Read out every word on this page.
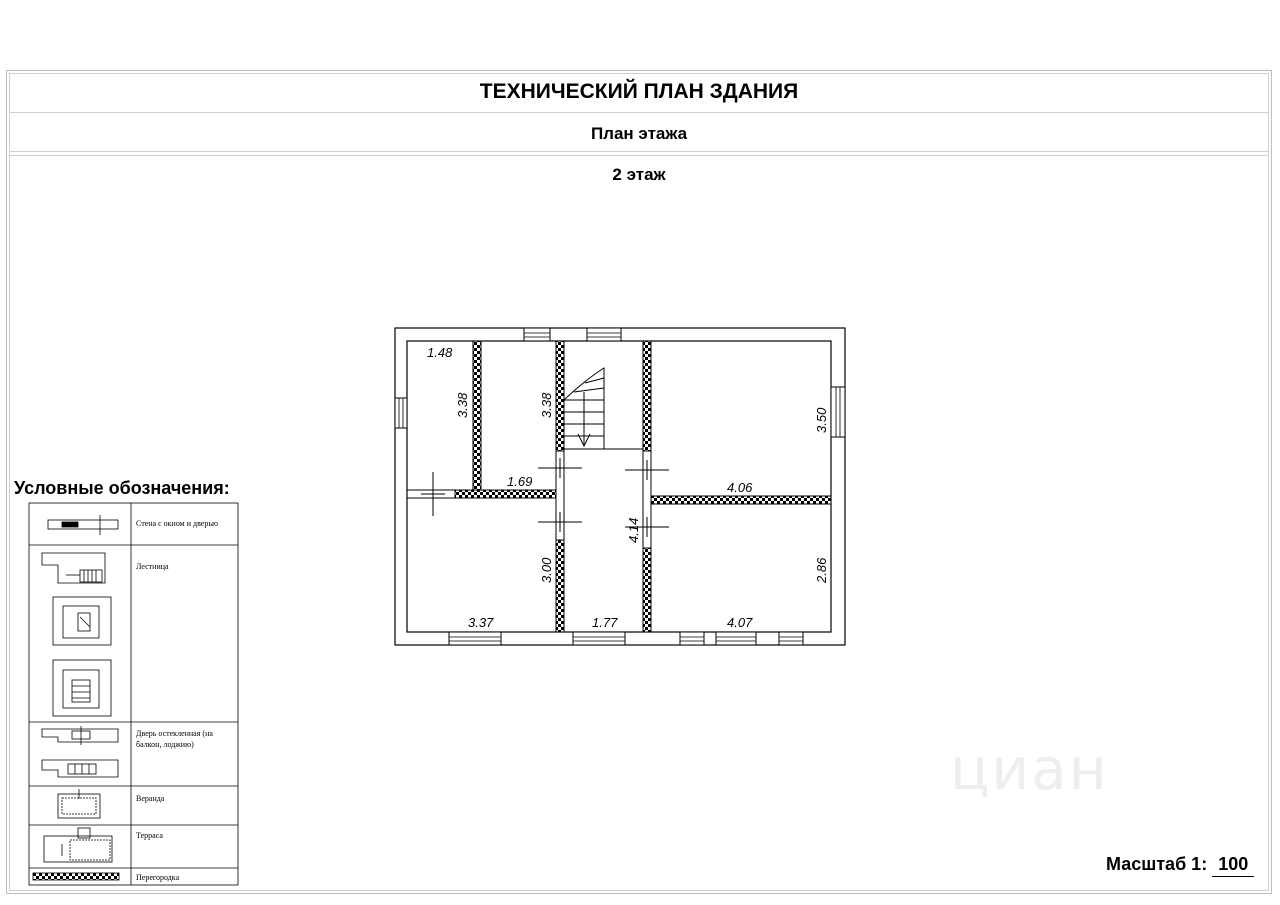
ТЕХНИЧЕСКИЙ ПЛАН ЗДАНИЯ
План этажа
2 этаж
циан
1.48
3.38	3.38
3.50
1.69	4.06
4.14
3.00	2.86
3.37	1.77	4.07
Стена с окном и дверью
Лестница
Дверь остекленная (на
балкон, лоджию)
Веранда
Терраса
Перегородка
Условные обозначения:
Масштаб 1: 100
